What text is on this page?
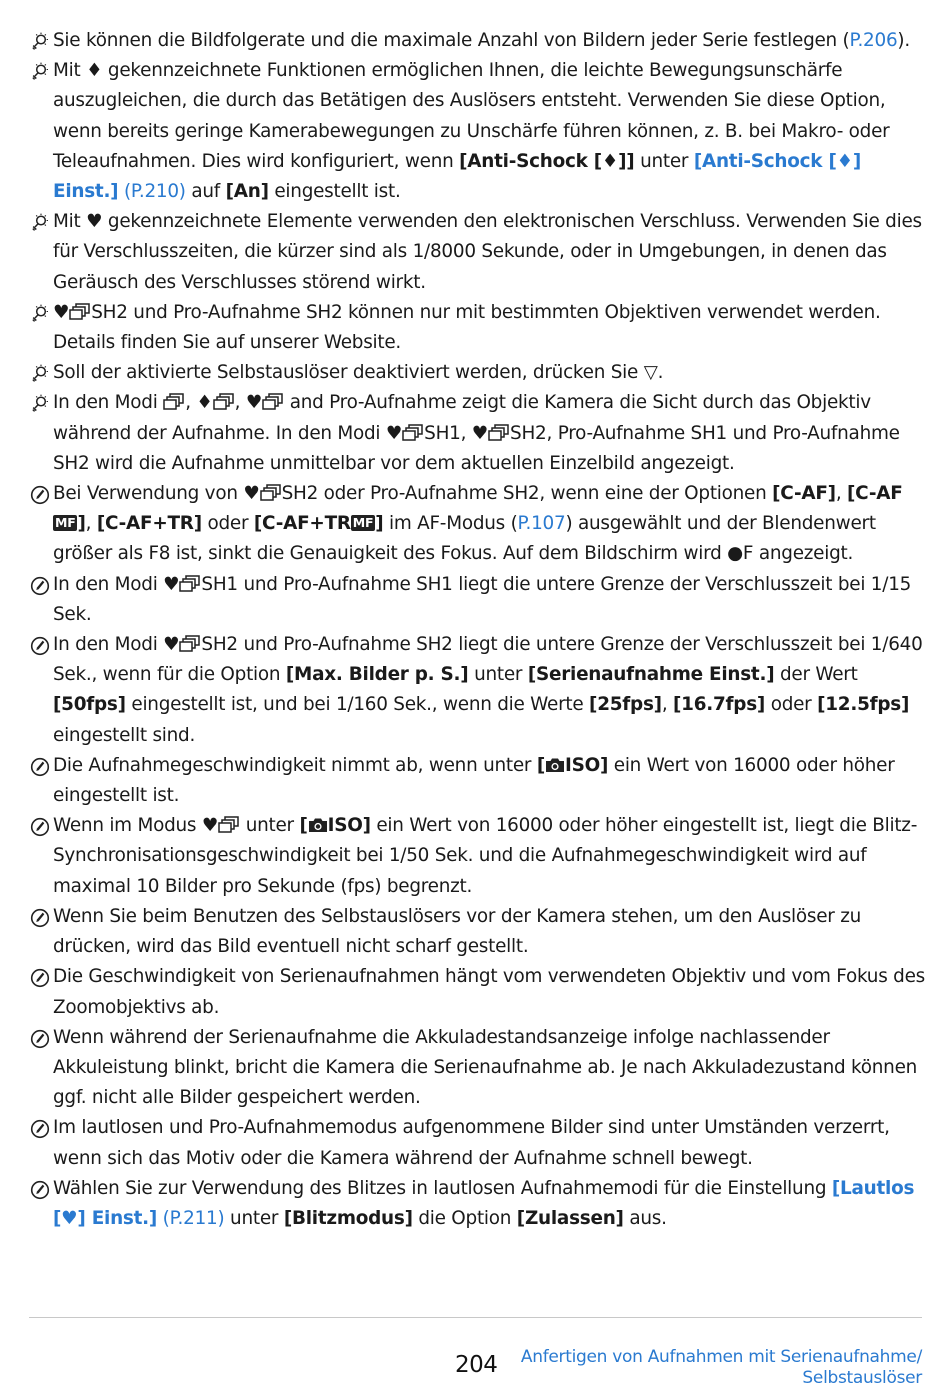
Sie können die Bildfolgerate und die maximale Anzahl von Bildern jeder Serie festlegen (P.206).
Mit ♦ gekennzeichnete Funktionen ermöglichen Ihnen, die leichte Bewegungsunschärfe auszugleichen, die durch das Betätigen des Auslösers entsteht. Verwenden Sie diese Option, wenn bereits geringe Kamerabewegungen zu Unschärfe führen können, z. B. bei Makro- oder Teleaufnahmen. Dies wird konfiguriert, wenn [Anti-Schock [♦]] unter [Anti-Schock [♦] Einst.] (P.210) auf [An] eingestellt ist.
Mit ♥ gekennzeichnete Elemente verwenden den elektronischen Verschluss. Verwenden Sie dies für Verschlusszeiten, die kürzer sind als 1/8000 Sekunde, oder in Umgebungen, in denen das Geräusch des Verschlusses störend wirkt.
♥ SH2 und Pro-Aufnahme SH2 können nur mit bestimmten Objektiven verwendet werden. Details finden Sie auf unserer Website.
Soll der aktivierte Selbstauslöser deaktiviert werden, drücken Sie ▽.
In den Modi , ♦ , ♥ and Pro-Aufnahme zeigt die Kamera die Sicht durch das Objektiv während der Aufnahme. In den Modi ♥ SH1, ♥ SH2, Pro-Aufnahme SH1 und Pro-Aufnahme SH2 wird die Aufnahme unmittelbar vor dem aktuellen Einzelbild angezeigt.
Bei Verwendung von ♥ SH2 oder Pro-Aufnahme SH2, wenn eine der Optionen [C-AF], [C-AFMF ], [C-AF+TR] oder [C-AF+TR MF ] im AF-Modus (P.107) ausgewählt und der Blendenwert größer als F8 ist, sinkt die Genauigkeit des Fokus. Auf dem Bildschirm wird ●F angezeigt.
In den Modi ♥ SH1 und Pro-Aufnahme SH1 liegt die untere Grenze der Verschlusszeit bei 1/15 Sek.
In den Modi ♥ SH2 und Pro-Aufnahme SH2 liegt die untere Grenze der Verschlusszeit bei 1/640 Sek., wenn für die Option [Max. Bilder p. S.] unter [Serienaufnahme Einst.] der Wert [50fps] eingestellt ist, und bei 1/160 Sek., wenn die Werte [25fps], [16.7fps] oder [12.5fps] eingestellt sind.
Die Aufnahmegeschwindigkeit nimmt ab, wenn unter [ ISO] ein Wert von 16000 oder höher eingestellt ist.
Wenn im Modus ♥ unter [ ISO] ein Wert von 16000 oder höher eingestellt ist, liegt die Blitz-Synchronisationsgeschwindigkeit bei 1/50 Sek. und die Aufnahmegeschwindigkeit wird auf maximal 10 Bilder pro Sekunde (fps) begrenzt.
Wenn Sie beim Benutzen des Selbstauslösers vor der Kamera stehen, um den Auslöser zu drücken, wird das Bild eventuell nicht scharf gestellt.
Die Geschwindigkeit von Serienaufnahmen hängt vom verwendeten Objektiv und vom Fokus des Zoomobjektivs ab.
Wenn während der Serienaufnahme die Akkuladestandsanzeige infolge nachlassender Akkuleistung blinkt, bricht die Kamera die Serienaufnahme ab. Je nach Akkuladezustand können ggf. nicht alle Bilder gespeichert werden.
Im lautlosen und Pro-Aufnahmemodus aufgenommene Bilder sind unter Umständen verzerrt, wenn sich das Motiv oder die Kamera während der Aufnahme schnell bewegt.
Wählen Sie zur Verwendung des Blitzes in lautlosen Aufnahmemodi für die Einstellung [Lautlos [♥] Einst.] (P.211) unter [Blitzmodus] die Option [Zulassen] aus.
204 Anfertigen von Aufnahmen mit Serienaufnahme/
Selbstauslöser
